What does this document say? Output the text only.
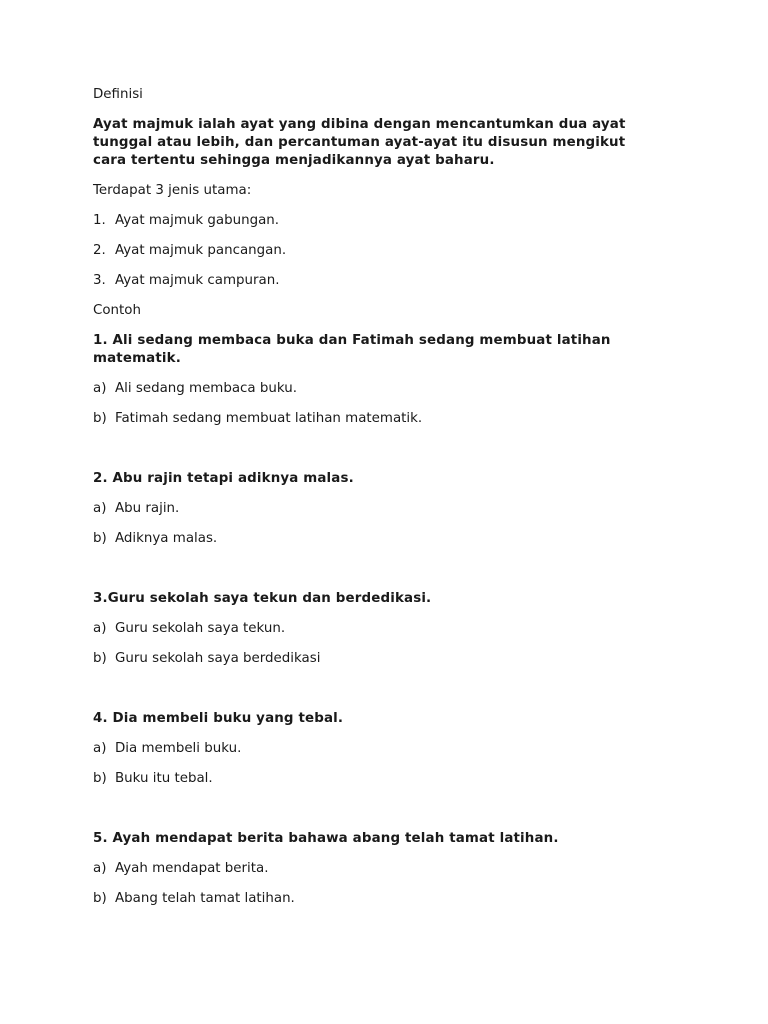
Definisi

Ayat majmuk ialah ayat yang dibina dengan mencantumkan dua ayat

tunggal atau lebih, dan percantuman ayat-ayat itu disusun mengikut

cara tertentu sehingga menjadikannya ayat baharu.

Terdapat 3 jenis utama:

1. Ayat majmuk gabungan.

2. Ayat majmuk pancangan.

3. Ayat majmuk campuran.

Contoh

1. Ali sedang membaca buka dan Fatimah sedang membuat latihan

matematik.

a) Ali sedang membaca buku.

b) Fatimah sedang membuat latihan matematik.

2. Abu rajin tetapi adiknya malas.

a) Abu rajin.

b) Adiknya malas.

3.Guru sekolah saya tekun dan berdedikasi.

a) Guru sekolah saya tekun.

b) Guru sekolah saya berdedikasi

4. Dia membeli buku yang tebal.

a) Dia membeli buku.

b) Buku itu tebal.

5. Ayah mendapat berita bahawa abang telah tamat latihan.

a) Ayah mendapat berita.

b) Abang telah tamat latihan.
